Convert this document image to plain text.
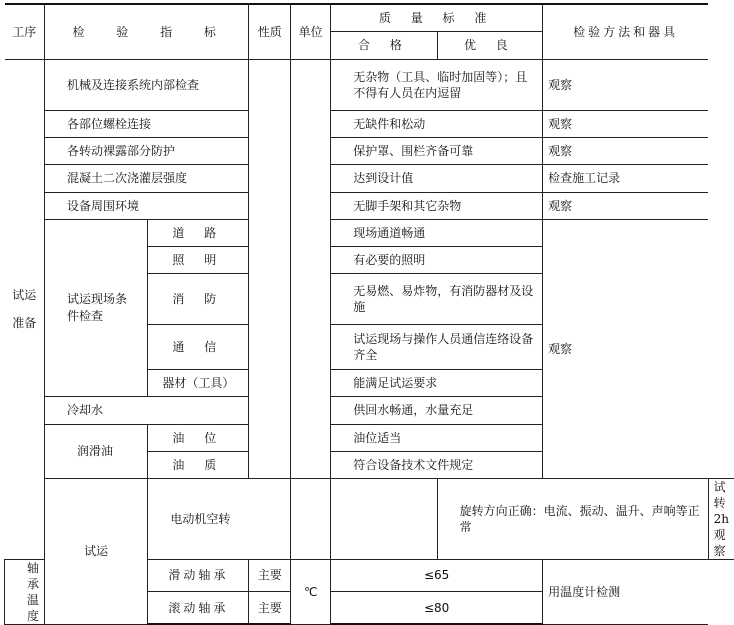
工序	检 验 指 标		性质	单位	质 量 标 准		检验方法和器具	
					合 格	优 良		

试运准备	机械及连接系统内部检查				无杂物（工具、临时加固等）；且不得有人员在内逗留		观察	
	各部位螺栓连接				无缺件和松动		观察	
	各转动裸露部分防护				保护罩、围栏齐备可靠		观察	
	混凝土二次浇灌层强度				达到设计值		检查施工记录	
	设备周围环境				无脚手架和其它杂物		观察	

	试运现场条件检查	道 路			现场通道畅通		观察	
		照 明			有必要的照明			
		消 防			无易燃、易炸物，有消防器材及设施			
		通 信			试运现场与操作人员通信连络设备齐全			
		器材（工具）			能满足试运要求			
	冷却水				供回水畅通，水量充足			
	润滑油	油 位			油位适当			
		油 质			符合设备技术文件规定			

	试运	电动机空转				旋转方向正确：电流、振动、温升、声响等正常		试转 2h 观察
轴承温度		滑动轴承	主要	℃	≤65		用温度计检测	
		滚动轴承	主要		≤80			
